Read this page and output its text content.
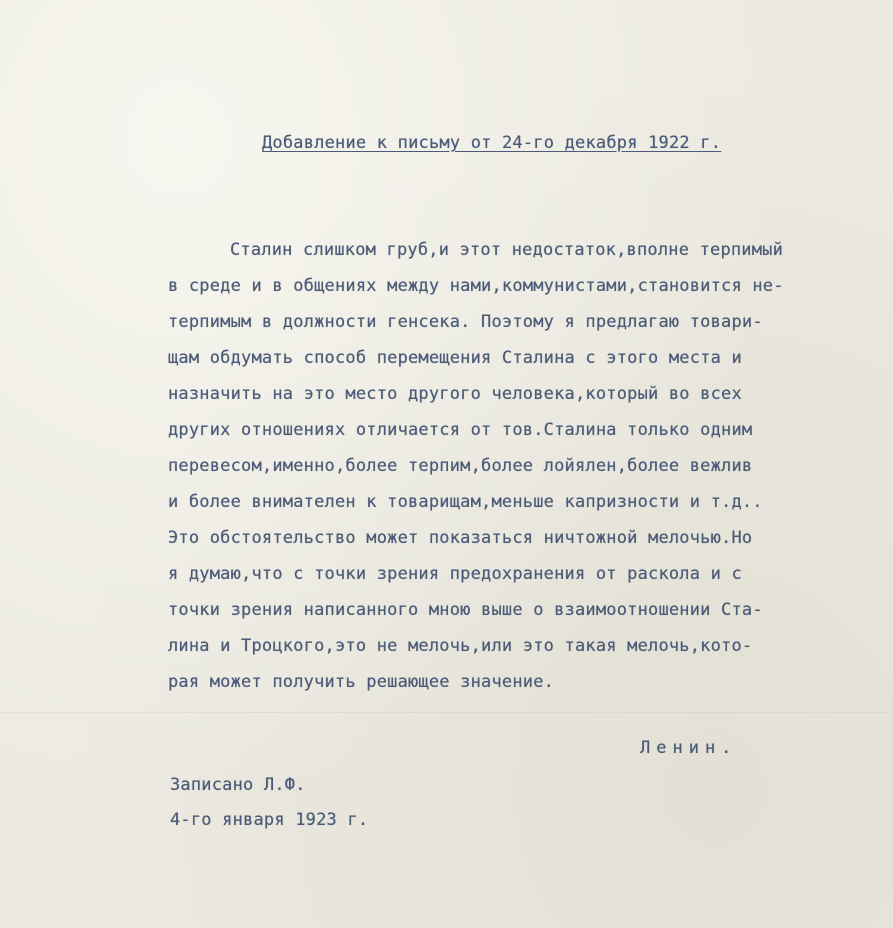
Добавление к письму от 24-го декабря 1922 г.
Сталин слишком груб,и этот недостаток,вполне терпимый
в среде и в общениях между нами,коммунистами,становится не-
терпимым в должности генсека. Поэтому я предлагаю товари-
щам обдумать способ перемещения Сталина с этого места и
назначить на это место другого человека,который во всех
других отношениях отличается от тов.Сталина только одним
перевесом,именно,более терпим,более лойялен,более вежлив
и более внимателен к товарищам,меньше капризности и т.д..
Это обстоятельство может показаться ничтожной мелочью.Но
я думаю,что с точки зрения предохранения от раскола и с
точки зрения написанного мною выше о взаимоотношении Ста-
лина и Троцкого,это не мелочь,или это такая мелочь,кото-
рая может получить решающее значение.
Ленин.
Записано Л.Ф.
4-го января 1923 г.
